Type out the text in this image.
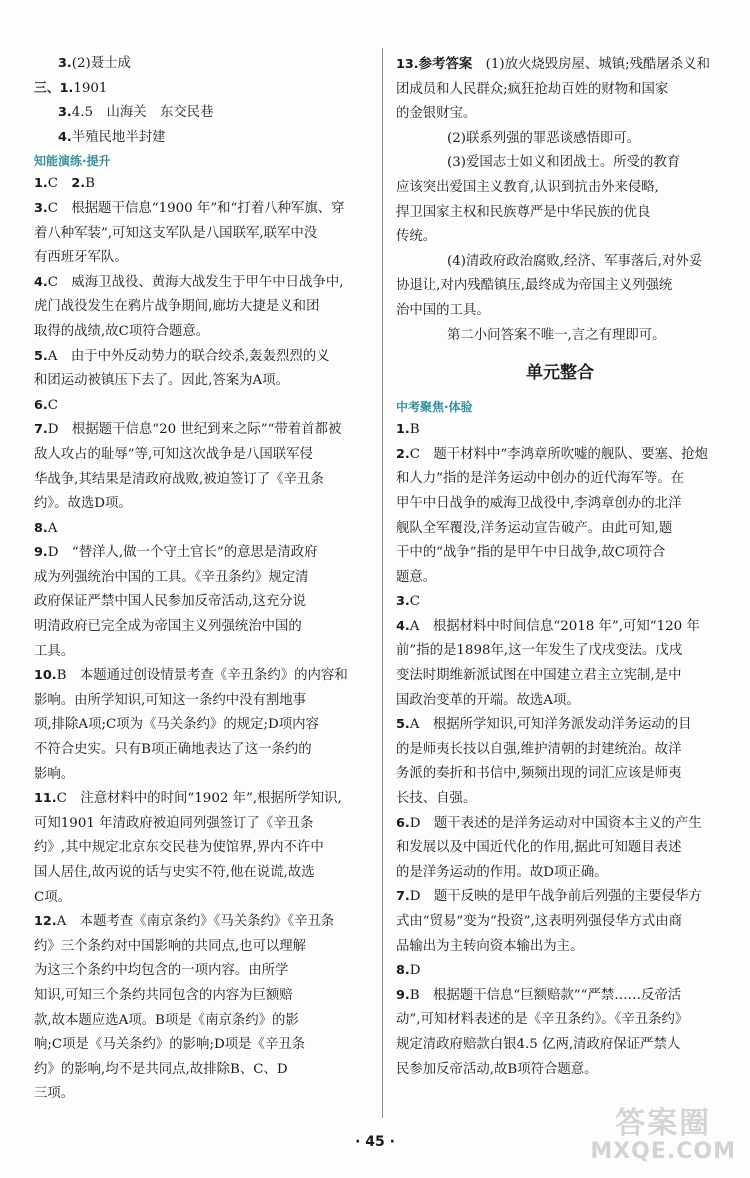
3.(2)聂士成

三、1.1901

3.4.5　山海关　东交民巷

4.半殖民地半封建

知能演练·提升

1.C　2.B

3.C　 根据题干信息“1900 年”和“打着八种军旗、穿

着八种军装”,可知这支军队是八国联军,联军中没

有西班牙军队。

4.C　 威海卫战役、黄海大战发生于甲午中日战争中,

虎门战役发生在鸦片战争期间,廊坊大捷是义和团

取得的战绩,故C项符合题意。

5.A　 由于中外反动势力的联合绞杀,轰轰烈烈的义

和团运动被镇压下去了。因此,答案为A项。

6.C

7.D　 根据题干信息“20 世纪到来之际”“带着首都被

敌人攻占的耻辱”等,可知这次战争是八国联军侵

华战争,其结果是清政府战败,被迫签订了《辛丑条

约》。故选D项。

8.A

9.D　 “替洋人,做一个守土官长”的意思是清政府

成为列强统治中国的工具。《辛丑条约》规定清

政府保证严禁中国人民参加反帝活动,这充分说

明清政府已完全成为帝国主义列强统治中国的

工具。

10.B　 本题通过创设情景考查《辛丑条约》的内容和

影响。由所学知识,可知这一条约中没有割地事

项,排除A项;C项为《马关条约》的规定;D项内容

不符合史实。只有B项正确地表达了这一条约的

影响。

11.C　 注意材料中的时间“1902 年”,根据所学知识,

可知1901 年清政府被迫同列强签订了《辛丑条

约》,其中规定北京东交民巷为使馆界,界内不许中

国人居住,故丙说的话与史实不符,他在说谎,故选

C项。

12.A　 本题考查《南京条约》《马关条约》《辛丑条

约》三个条约对中国影响的共同点,也可以理解

为这三个条约中均包含的一项内容。由所学

知识,可知三个条约共同包含的内容为巨额赔

款,故本题应选A项。B项是《南京条约》的影

响;C项是《马关条约》的影响;D项是《辛丑条

约》的影响,均不是共同点,故排除B、C、D

三项。

13.参考答案　 (1)放火烧毁房屋、城镇;残酷屠杀义和

团成员和人民群众;疯狂抢劫百姓的财物和国家

的金银财宝。

(2)联系列强的罪恶谈感悟即可。

(3)爱国志士如义和团战士。所受的教育

应该突出爱国主义教育,认识到抗击外来侵略,

捍卫国家主权和民族尊严是中华民族的优良

传统。

(4)清政府政治腐败,经济、军事落后,对外妥

协退让,对内残酷镇压,最终成为帝国主义列强统

治中国的工具。

第二小问答案不唯一,言之有理即可。

单元整合

中考聚焦·体验

1.B

2.C　 题干材料中“李鸿章所吹嘘的舰队、要塞、抢炮

和人力”指的是洋务运动中创办的近代海军等。在

甲午中日战争的威海卫战役中,李鸿章创办的北洋

舰队全军覆没,洋务运动宣告破产。由此可知,题

干中的“战争”指的是甲午中日战争,故C项符合

题意。

3.C

4.A　 根据材料中时间信息“2018 年”,可知“120 年

前”指的是1898年,这一年发生了戊戌变法。戊戌

变法时期维新派试图在中国建立君主立宪制,是中

国政治变革的开端。故选A项。

5.A　 根据所学知识,可知洋务派发动洋务运动的目

的是师夷长技以自强,维护清朝的封建统治。故洋

务派的奏折和书信中,频频出现的词汇应该是师夷

长技、自强。

6.D　 题干表述的是洋务运动对中国资本主义的产生

和发展以及中国近代化的作用,据此可知题目表述

的是洋务运动的作用。故D项正确。

7.D　 题干反映的是甲午战争前后列强的主要侵华方

式由“贸易”变为“投资”,这表明列强侵华方式由商

品输出为主转向资本输出为主。

8.D

9.B　 根据题干信息“巨额赔款”“严禁……反帝活

动”,可知材料表述的是《辛丑条约》。《辛丑条约》

规定清政府赔款白银4.5 亿两,清政府保证严禁人

民参加反帝活动,故B项符合题意。

· 45 ·
答案圈
MXQE.COM
